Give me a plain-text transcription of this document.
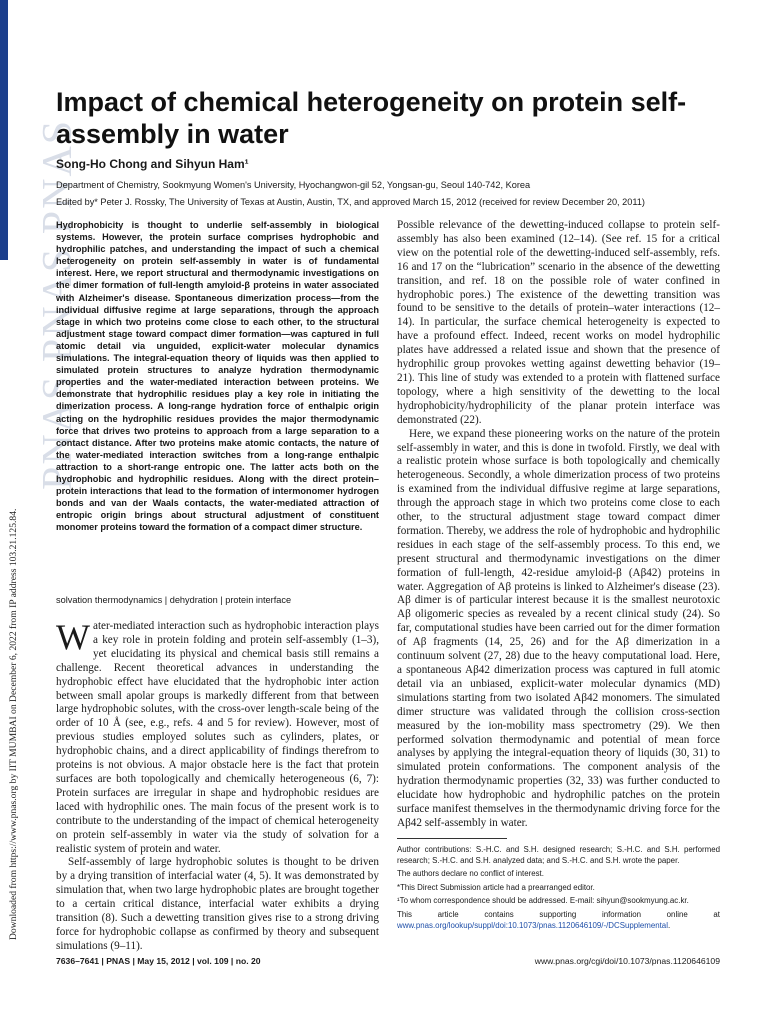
PNAS PNAS PNAS
Downloaded from https://www.pnas.org by IIT MUMBAI on December 6, 2022 from IP address 103.21.125.84.
Impact of chemical heterogeneity on protein self-assembly in water
Song-Ho Chong and Sihyun Ham¹
Department of Chemistry, Sookmyung Women's University, Hyochangwon-gil 52, Yongsan-gu, Seoul 140-742, Korea
Edited by* Peter J. Rossky, The University of Texas at Austin, Austin, TX, and approved March 15, 2012 (received for review December 20, 2011)
Hydrophobicity is thought to underlie self-assembly in biological systems. However, the protein surface comprises hydrophobic and hydrophilic patches, and understanding the impact of such a chemical heterogeneity on protein self-assembly in water is of fundamental interest. Here, we report structural and thermodynamic investigations on the dimer formation of full-length amyloid-β proteins in water associated with Alzheimer's disease. Spontaneous dimerization process—from the individual diffusive regime at large separations, through the approach stage in which two proteins come close to each other, to the structural adjustment stage toward compact dimer formation—was captured in full atomic detail via unguided, explicit-water molecular dynamics simulations. The integral-equation theory of liquids was then applied to simulated protein structures to analyze hydration thermodynamic properties and the water-mediated interaction between proteins. We demonstrate that hydrophilic residues play a key role in initiating the dimerization process. A long-range hydration force of enthalpic origin acting on the hydrophilic residues provides the major thermodynamic force that drives two proteins to approach from a large separation to a contact distance. After two proteins make atomic contacts, the nature of the water-mediated interaction switches from a long-range enthalpic attraction to a short-range entropic one. The latter acts both on the hydrophobic and hydrophilic residues. Along with the direct protein–protein interactions that lead to the formation of intermonomer hydrogen bonds and van der Waals contacts, the water-mediated attraction of entropic origin brings about structural adjustment of constituent monomer proteins toward the formation of a compact dimer structure.
solvation thermodynamics | dehydration | protein interface

Water-mediated interaction such as hydrophobic interaction plays a key role in protein folding and protein self-assembly (1–3), yet elucidating its physical and chemical basis still remains a challenge. Recent theoretical advances in understanding the hydrophobic effect have elucidated that the hydrophobic inter action between small apolar groups is markedly different from that between large hydrophobic solutes, with the cross-over length-scale being of the order of 10 Å (see, e.g., refs. 4 and 5 for review). However, most of previous studies employed solutes such as cylinders, plates, or hydrophobic chains, and a direct applicability of findings therefrom to proteins is not obvious. A major obstacle here is the fact that protein surfaces are both topologically and chemically heterogeneous (6, 7): Protein surfaces are irregular in shape and hydrophobic residues are laced with hydrophilic ones. The main focus of the present work is to contribute to the understanding of the impact of chemical heterogeneity on protein self-assembly in water via the study of solvation for a realistic system of protein and water.

Self-assembly of large hydrophobic solutes is thought to be driven by a drying transition of interfacial water (4, 5). It was demonstrated by simulation that, when two large hydrophobic plates are brought together to a certain critical distance, interfacial water exhibits a drying transition (8). Such a dewetting transition gives rise to a strong driving force for hydrophobic collapse as confirmed by theory and subsequent simulations (9–11).

Possible relevance of the dewetting-induced collapse to protein self-assembly has also been examined (12–14). (See ref. 15 for a critical view on the potential role of the dewetting-induced self-assembly, refs. 16 and 17 on the “lubrication” scenario in the absence of the dewetting transition, and ref. 18 on the possible role of water confined in hydrophobic pores.) The existence of the dewetting transition was found to be sensitive to the details of protein–water interactions (12–14). In particular, the surface chemical heterogeneity is expected to have a profound effect. Indeed, recent works on model hydrophilic plates have addressed a related issue and shown that the presence of hydrophilic group provokes wetting against dewetting behavior (19–21). This line of study was extended to a protein with flattened surface topology, where a high sensitivity of the dewetting to the local hydrophobicity/hydrophilicity of the planar protein interface was demonstrated (22).

Here, we expand these pioneering works on the nature of the protein self-assembly in water, and this is done in twofold. Firstly, we deal with a realistic protein whose surface is both topologically and chemically heterogeneous. Secondly, a whole dimerization process of two proteins is examined from the individual diffusive regime at large separations, through the approach stage in which two proteins come close to each other, to the structural adjustment stage toward compact dimer formation. Thereby, we address the role of hydrophobic and hydrophilic residues in each stage of the self-assembly process. To this end, we present structural and thermodynamic investigations on the dimer formation of full-length, 42-residue amyloid-β (Aβ42) proteins in water. Aggregation of Aβ proteins is linked to Alzheimer's disease (23). Aβ dimer is of particular interest because it is the smallest neurotoxic Aβ oligomeric species as revealed by a recent clinical study (24). So far, computational studies have been carried out for the dimer formation of Aβ fragments (14, 25, 26) and for the Aβ dimerization in a continuum solvent (27, 28) due to the heavy computational load. Here, a spontaneous Aβ42 dimerization process was captured in full atomic detail via an unbiased, explicit-water molecular dynamics (MD) simulations starting from two isolated Aβ42 monomers. The simulated dimer structure was validated through the collision cross-section measured by the ion-mobility mass spectrometry (29). We then performed solvation thermodynamic and potential of mean force analyses by applying the integral-equation theory of liquids (30, 31) to simulated protein conformations. The component analysis of the hydration thermodynamic properties (32, 33) was further conducted to elucidate how hydrophobic and hydrophilic patches on the protein surface manifest themselves in the thermodynamic driving force for the Aβ42 self-assembly in water.

Author contributions: S.-H.C. and S.H. designed research; S.-H.C. and S.H. performed research; S.-H.C. and S.H. analyzed data; and S.-H.C. and S.H. wrote the paper.
The authors declare no conflict of interest.
*This Direct Submission article had a prearranged editor.
¹To whom correspondence should be addressed. E-mail: sihyun@sookmyung.ac.kr.
This article contains supporting information online at www.pnas.org/lookup/suppl/doi:10.1073/pnas.1120646109/-/DCSupplemental.
7636–7641 | PNAS | May 15, 2012 | vol. 109 | no. 20	www.pnas.org/cgi/doi/10.1073/pnas.1120646109
